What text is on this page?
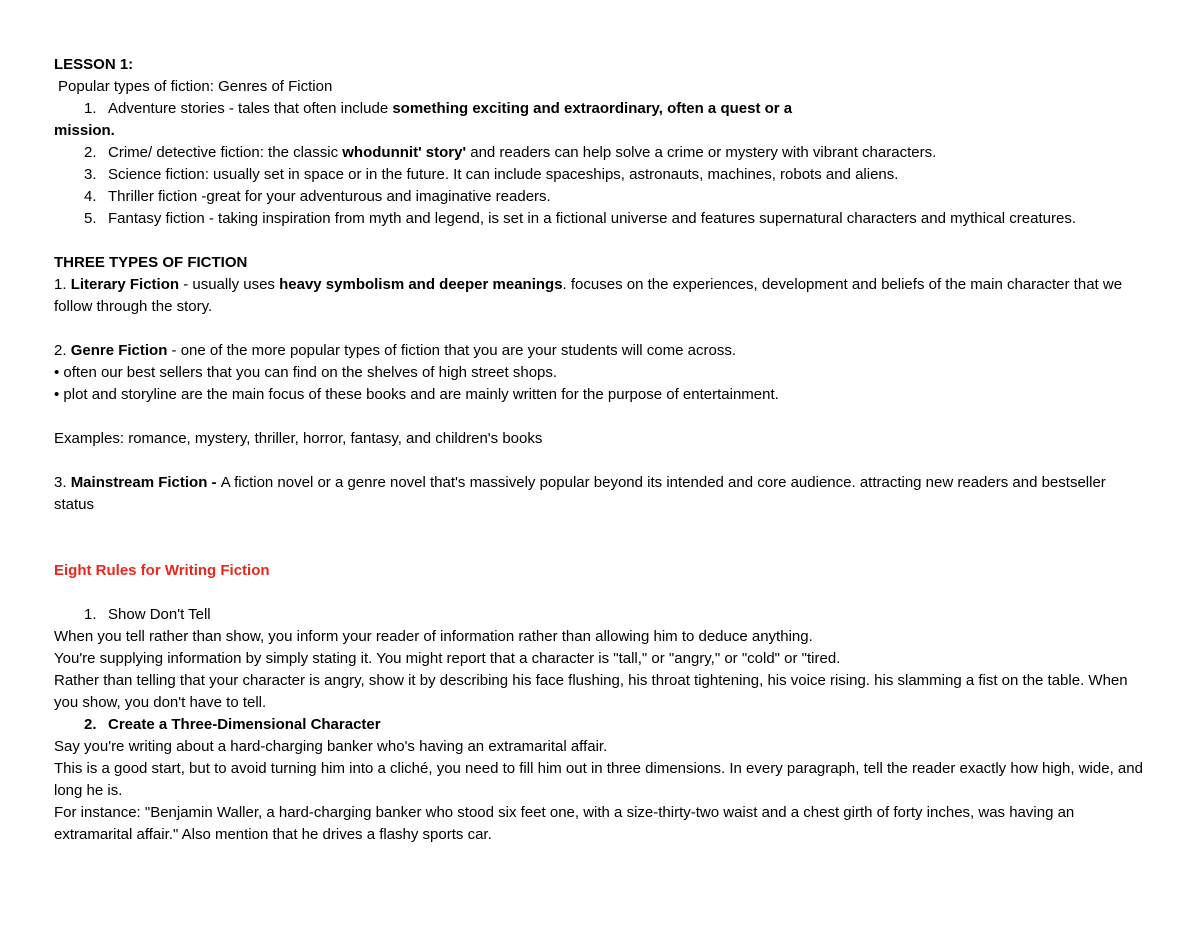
LESSON 1:
Popular types of fiction: Genres of Fiction
1. Adventure stories - tales that often include something exciting and extraordinary, often a quest or a
mission.
2. Crime/ detective fiction: the classic whodunnit' story' and readers can help solve a crime or mystery with vibrant characters.
3. Science fiction: usually set in space or in the future. It can include spaceships, astronauts, machines, robots and aliens.
4. Thriller fiction -great for your adventurous and imaginative readers.
5. Fantasy fiction - taking inspiration from myth and legend, is set in a fictional universe and features supernatural characters and mythical creatures.
THREE TYPES OF FICTION
1. Literary Fiction - usually uses heavy symbolism and deeper meanings. focuses on the experiences, development and beliefs of the main character that we follow through the story.
2. Genre Fiction - one of the more popular types of fiction that you are your students will come across.
• often our best sellers that you can find on the shelves of high street shops.
• plot and storyline are the main focus of these books and are mainly written for the purpose of entertainment.
Examples: romance, mystery, thriller, horror, fantasy, and children's books
3. Mainstream Fiction - A fiction novel or a genre novel that's massively popular beyond its intended and core audience. attracting new readers and bestseller status
Eight Rules for Writing Fiction
1. Show Don't Tell
When you tell rather than show, you inform your reader of information rather than allowing him to deduce anything.
You're supplying information by simply stating it. You might report that a character is "tall," or "angry," or "cold" or "tired.
Rather than telling that your character is angry, show it by describing his face flushing, his throat tightening, his voice rising. his slamming a fist on the table. When you show, you don't have to tell.
2. Create a Three-Dimensional Character
Say you're writing about a hard-charging banker who's having an extramarital affair.
This is a good start, but to avoid turning him into a cliché, you need to fill him out in three dimensions. In every paragraph, tell the reader exactly how high, wide, and long he is.
For instance: "Benjamin Waller, a hard-charging banker who stood six feet one, with a size-thirty-two waist and a chest girth of forty inches, was having an extramarital affair." Also mention that he drives a flashy sports car.
